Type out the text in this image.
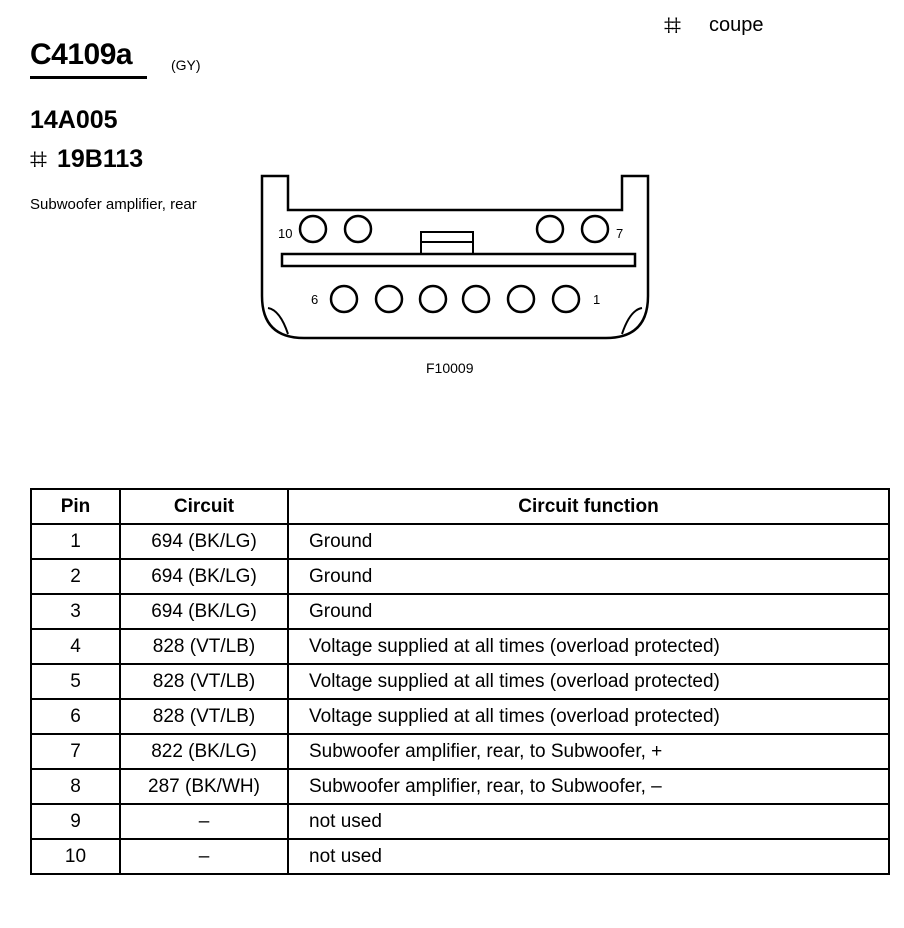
‡‡ coupe
C4109a	(GY)
14A005
‡‡ 19B113
Subwoofer amplifier, rear
10	7
6	1
F10009
Pin	Circuit	Circuit function
1	694 (BK/LG)	Ground
2	694 (BK/LG)	Ground
3	694 (BK/LG)	Ground
4	828 (VT/LB)	Voltage supplied at all times (overload protected)
5	828 (VT/LB)	Voltage supplied at all times (overload protected)
6	828 (VT/LB)	Voltage supplied at all times (overload protected)
7	822 (BK/LG)	Subwoofer amplifier, rear, to Subwoofer, +
8	287 (BK/WH)	Subwoofer amplifier, rear, to Subwoofer, –
9	–	not used
10	–	not used
